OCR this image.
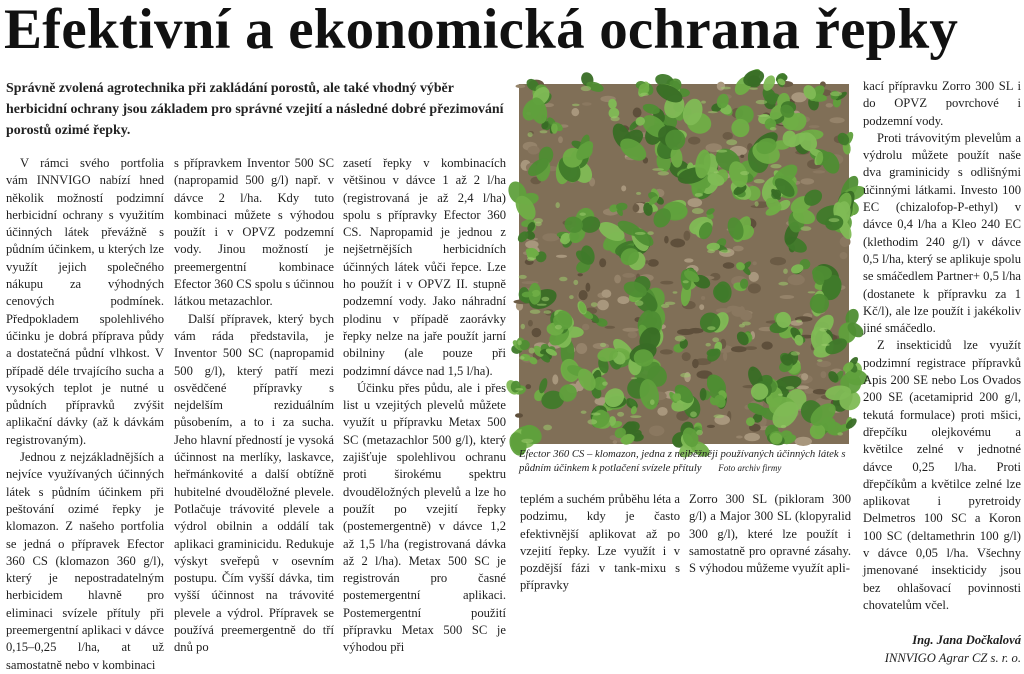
Efektivní a ekonomická ochrana řepky
Správně zvolená agrotechnika při zakládání porostů, ale také vhodný výběr herbicidní ochrany jsou základem pro správné vzejití a následné dobré přezimování porostů ozimé řepky.

V rámci svého portfolia vám INNVIGO nabízí hned několik možností podzimní herbicidní ochrany s využitím účinných látek převážně s půdním účinkem, u kterých lze využít jejich společného nákupu za výhodných cenových podmínek. Předpokladem spolehlivého účinku je dobrá příprava půdy a dostatečná půdní vlhkost. V případě déle trvajícího sucha a vysokých teplot je nutné u půdních přípravků zvýšit aplikační dávky (až k dávkám registrovaným).

Jednou z nejzákladnějších a nejvíce využívaných účinných látek s půdním účinkem při peštování ozimé řepky je klomazon. Z našeho portfolia se jedná o přípravek Efector 360 CS (klomazon 360 g/l), který je nepostradatelným herbicidem hlavně pro eliminaci svízele přítuly při preemergentní aplikaci v dávce 0,15–0,25 l/ha, at už samostatně nebo v kombinaci

s přípravkem Inventor 500 SC (napropamid 500 g/l) např. v dávce 2 l/ha. Kdy tuto kombinaci můžete s výhodou použít i v OPVZ podzemní vody. Jinou možností je preemergentní kombinace Efector 360 CS spolu s účinnou látkou metazachlor.

Další přípravek, který bych vám ráda představila, je Inventor 500 SC (napropamid 500 g/l), který patří mezi osvědčené přípravky s nejdelším reziduálním působením, a to i za sucha. Jeho hlavní předností je vysoká účinnost na merlíky, laskavce, heřmánkovité a další obtížně hubitelné dvouděložné plevele. Potlačuje trávovité plevele a výdrol obilnin a oddálí tak aplikaci graminicidu. Redukuje výskyt sveřepů v osevním postupu. Čím vyšší dávka, tim vyšší účinnost na trávovité plevele a výdrol. Přípravek se používá preemergentně do tří dnů po

zasetí řepky v kombinacích většinou v dávce 1 až 2 l/ha (registrovaná je až 2,4 l/ha) spolu s přípravky Efector 360 CS. Napropamid je jednou z nejšetrnějších herbicidních účinných látek vůči řepce. Lze ho použít i v OPVZ II. stupně podzemní vody. Jako náhradní plodinu v případě zaorávky řepky nelze na jaře použít jarní obilniny (ale pouze při podzimní dávce nad 1,5 l/ha).

Účinku přes půdu, ale i přes list u vzejitých plevelů můžete využít u přípravku Metax 500 SC (metazachlor 500 g/l), který zajišťuje spolehlivou ochranu proti širokému spektru dvouděložných plevelů a lze ho použít po vzejití řepky (postemergentně) v dávce 1,2 až 1,5 l/ha (registrovaná dávka až 2 l/ha). Metax 500 SC je registrován pro časné postemergentní aplikaci. Postemergentní použití přípravku Metax 500 SC je výhodou při

Efector 360 CS – klomazon, jedna z nejběžněji používaných účinných látek s půdním účinkem k potlačení svízele přítuly Foto archiv firmy

teplém a suchém průběhu léta a podzimu, kdy je často efektivnější aplikovat až po vzejití řepky. Lze využít i v pozdější fázi v tank-mixu s přípravky

Zorro 300 SL (pikloram 300 g/l) a Major 300 SL (klopyralid 300 g/l), které lze použít i samostatně pro opravné zásahy. S výhodou můžeme využít apli-

kací přípravku Zorro 300 SL i do OPVZ povrchové i podzemní vody.

Proti trávovitým plevelům a výdrolu můžete použít naše dva graminicidy s odlišnými účinnými látkami. Investo 100 EC (chizalofop-P-ethyl) v dávce 0,4 l/ha a Kleo 240 EC (klethodim 240 g/l) v dávce 0,5 l/ha, který se aplikuje spolu se smáčedlem Partner+ 0,5 l/ha (dostanete k přípravku za 1 Kč/l), ale lze použít i jakékoliv jiné smáčedlo.

Z insekticidů lze využít podzimní registrace přípravků Apis 200 SE nebo Los Ovados 200 SE (acetamiprid 200 g/l, tekutá formulace) proti mšici, dřepčíku olejkovému a květilce zelné v jednotné dávce 0,25 l/ha. Proti dřepčíkům a květilce zelné lze aplikovat i pyretroidy Delmetros 100 SC a Koron 100 SC (deltamethrin 100 g/l) v dávce 0,05 l/ha. Všechny jmenované insekticidy jsou bez ohlašovací povinnosti chovatelům včel.

Ing. Jana Dočkalová

INNVIGO Agrar CZ s. r. o.
